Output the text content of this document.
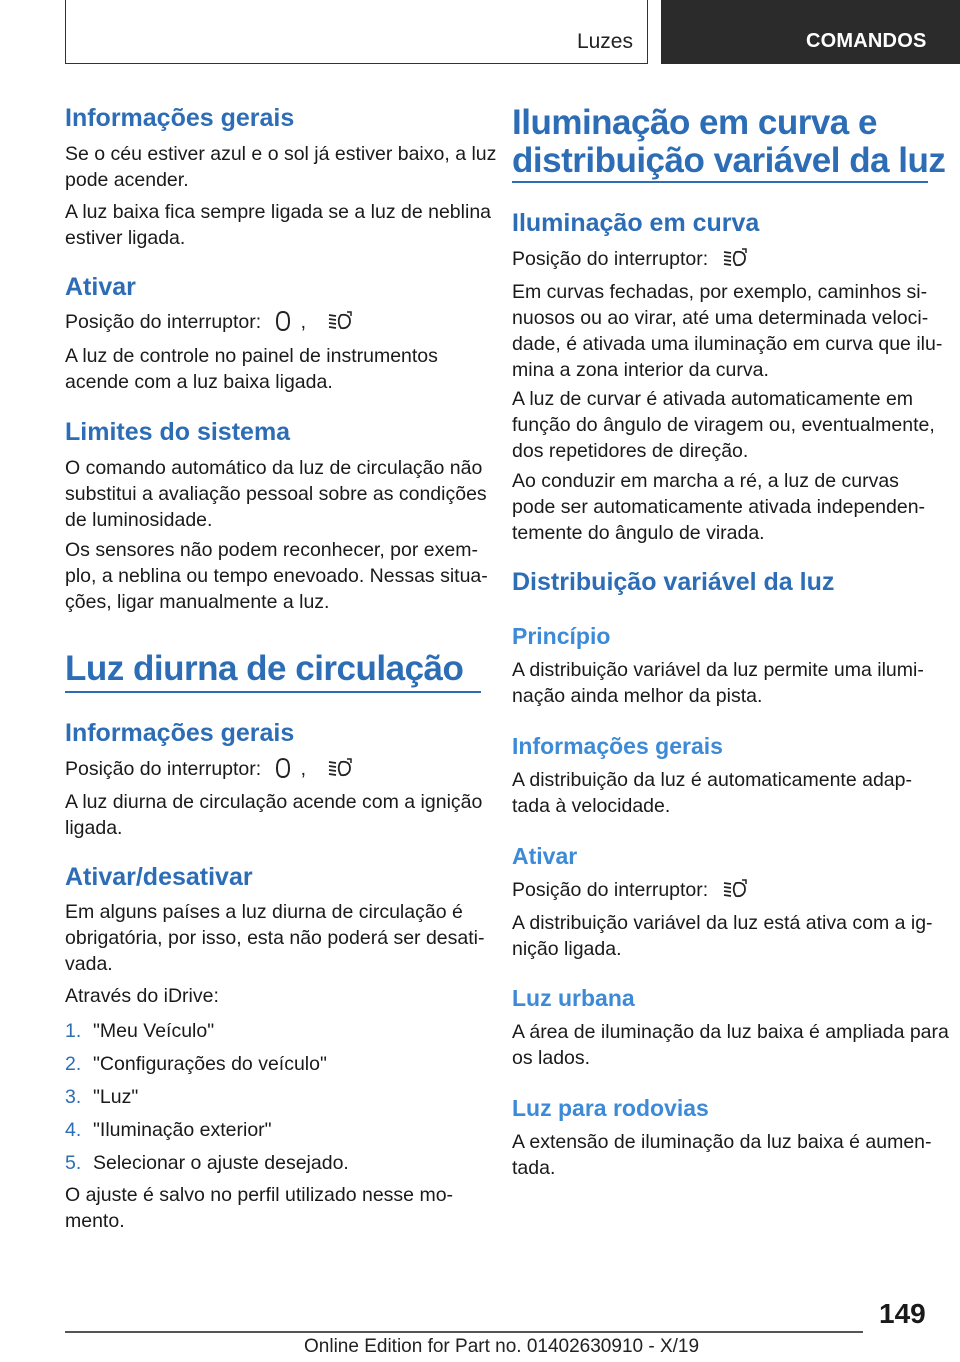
Luzes	COMANDOS
Informações gerais
Se o céu estiver azul e o sol já estiver baixo, a luz
pode acender.
A luz baixa fica sempre ligada se a luz de neblina
estiver ligada.
Ativar
Posição do interruptor: ,
A luz de controle no painel de instrumentos
acende com a luz baixa ligada.
Limites do sistema
O comando automático da luz de circulação não
substitui a avaliação pessoal sobre as condições
de luminosidade.
Os sensores não podem reconhecer, por exem-
plo, a neblina ou tempo enevoado. Nessas situa-
ções, ligar manualmente a luz.
Luz diurna de circulação
Informações gerais
Posição do interruptor: ,
A luz diurna de circulação acende com a ignição
ligada.
Ativar/desativar
Em alguns países a luz diurna de circulação é
obrigatória, por isso, esta não poderá ser desati-
vada.
Através do iDrive:
1. "Meu Veículo"
2. "Configurações do veículo"
3. "Luz"
4. "Iluminação exterior"
5. Selecionar o ajuste desejado.
O ajuste é salvo no perfil utilizado nesse mo-
mento.
Iluminação em curva e
distribuição variável da luz
Iluminação em curva
Posição do interruptor:
Em curvas fechadas, por exemplo, caminhos si-
nuosos ou ao virar, até uma determinada veloci-
dade, é ativada uma iluminação em curva que ilu-
mina a zona interior da curva.
A luz de curvar é ativada automaticamente em
função do ângulo de viragem ou, eventualmente,
dos repetidores de direção.
Ao conduzir em marcha a ré, a luz de curvas
pode ser automaticamente ativada independen-
temente do ângulo de virada.
Distribuição variável da luz
Princípio
A distribuição variável da luz permite uma ilumi-
nação ainda melhor da pista.
Informações gerais
A distribuição da luz é automaticamente adap-
tada à velocidade.
Ativar
Posição do interruptor:
A distribuição variável da luz está ativa com a ig-
nição ligada.
Luz urbana
A área de iluminação da luz baixa é ampliada para
os lados.
Luz para rodovias
A extensão de iluminação da luz baixa é aumen-
tada.
149
Online Edition for Part no. 01402630910 - X/19
